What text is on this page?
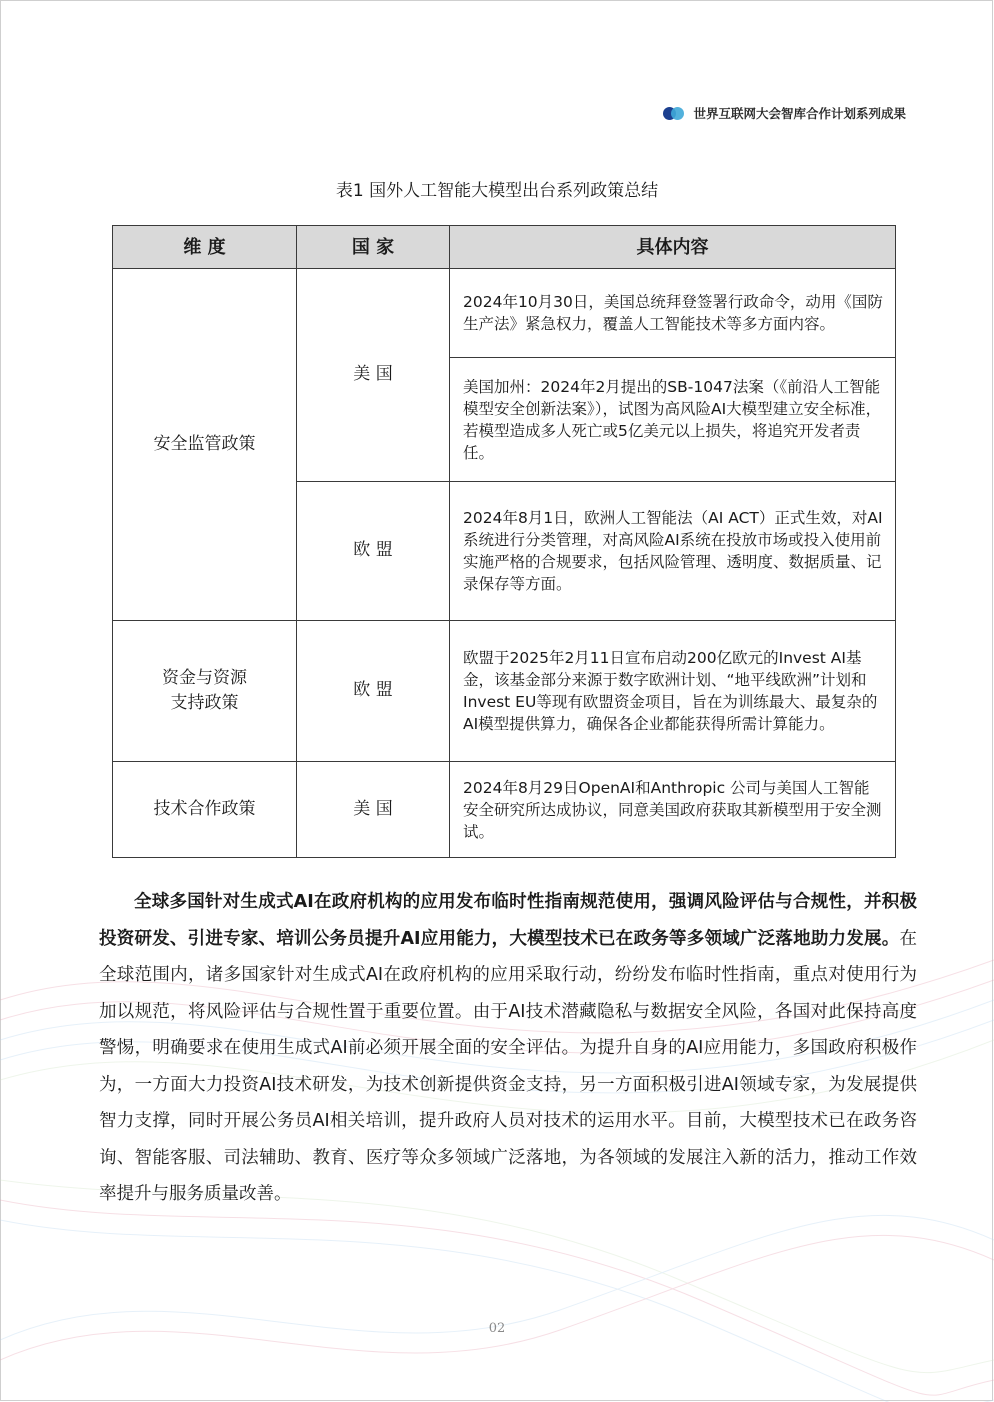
世界互联网大会智库合作计划系列成果
表1 国外人工智能大模型出台系列政策总结
维 度	国 家	具体内容
安全监管政策	美 国	2024年10月30日，美国总统拜登签署行政命令，动用《国防生产法》紧急权力，覆盖人工智能技术等多方面内容。
		美国加州：2024年2月提出的SB-1047法案（《前沿人工智能模型安全创新法案》），试图为高风险AI大模型建立安全标准，若模型造成多人死亡或5亿美元以上损失，将追究开发者责任。
	欧 盟	2024年8月1日，欧洲人工智能法（AI ACT）正式生效，对AI系统进行分类管理，对高风险AI系统在投放市场或投入使用前实施严格的合规要求，包括风险管理、透明度、数据质量、记录保存等方面。
资金与资源
支持政策	欧 盟	欧盟于2025年2月11日宣布启动200亿欧元的Invest AI基金，该基金部分来源于数字欧洲计划、“地平线欧洲”计划和Invest EU等现有欧盟资金项目，旨在为训练最大、最复杂的AI模型提供算力，确保各企业都能获得所需计算能力。
技术合作政策	美 国	2024年8月29日OpenAI和Anthropic 公司与美国人工智能安全研究所达成协议，同意美国政府获取其新模型用于安全测试。

全球多国针对生成式AI在政府机构的应用发布临时性指南规范使用，强调风险评估与合规性，并积极投资研发、引进专家、培训公务员提升AI应用能力，大模型技术已在政务等多领域广泛落地助力发展。在全球范围内，诸多国家针对生成式AI在政府机构的应用采取行动，纷纷发布临时性指南，重点对使用行为加以规范，将风险评估与合规性置于重要位置。由于AI技术潜藏隐私与数据安全风险，各国对此保持高度警惕，明确要求在使用生成式AI前必须开展全面的安全评估。为提升自身的AI应用能力，多国政府积极作为，一方面大力投资AI技术研发，为技术创新提供资金支持，另一方面积极引进AI领域专家，为发展提供智力支撑，同时开展公务员AI相关培训，提升政府人员对技术的运用水平。目前，大模型技术已在政务咨询、智能客服、司法辅助、教育、医疗等众多领域广泛落地，为各领域的发展注入新的活力，推动工作效率提升与服务质量改善。

02
